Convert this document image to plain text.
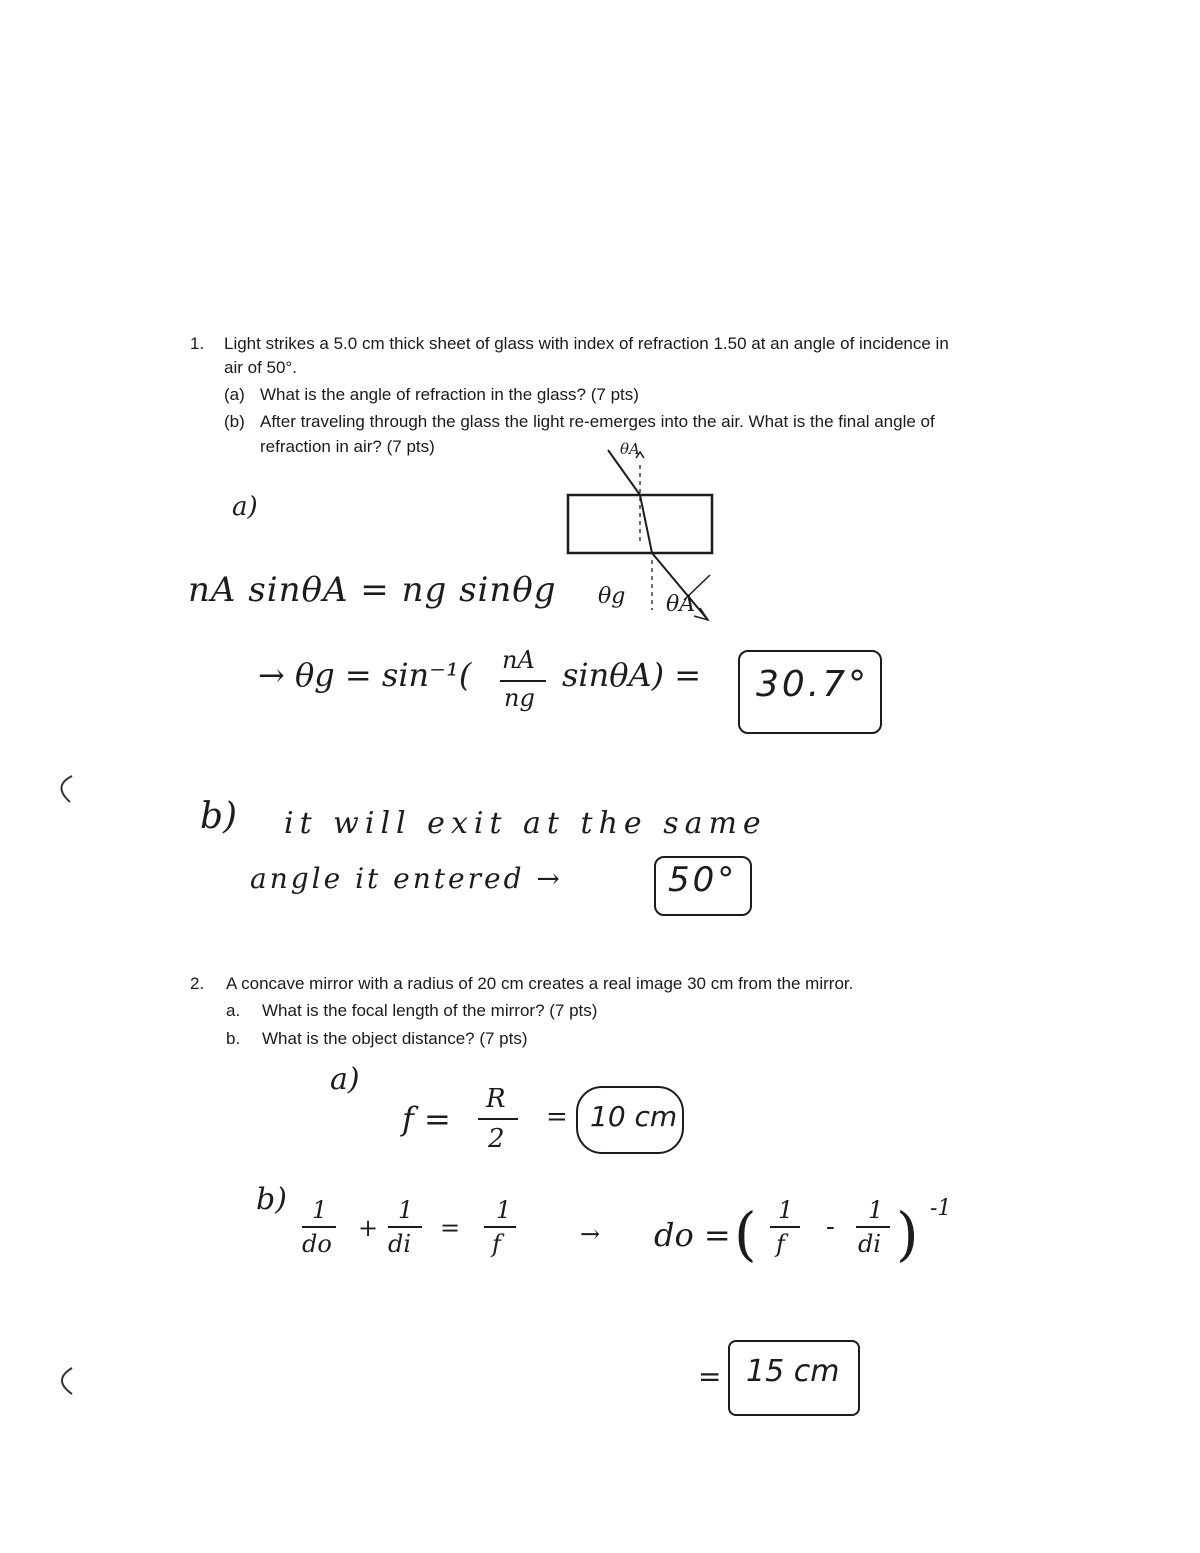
1. Light strikes a 5.0 cm thick sheet of glass with index of refraction 1.50 at an angle of incidence in
air of 50°.
(a) What is the angle of refraction in the glass? (7 pts)
(b) After traveling through the glass the light re-emerges into the air. What is the final angle of
refraction in air? (7 pts)	θA
θg θA
a)
nA sinθA = ng sinθg
→ θg = sin⁻¹( nA
ng
sinθA) = 30.7°
b) it will exit at the same
angle it entered →	50°
2. A concave mirror with a radius of 20 cm creates a real image 30 cm from the mirror.
a. What is the focal length of the mirror? (7 pts)
b. What is the object distance? (7 pts)
a)
f =
R
2
= 10 cm
b) 1
do
+
1
di
=
1
f	→ do = ( 1
f
-
1
di ) -1
= 15 cm
